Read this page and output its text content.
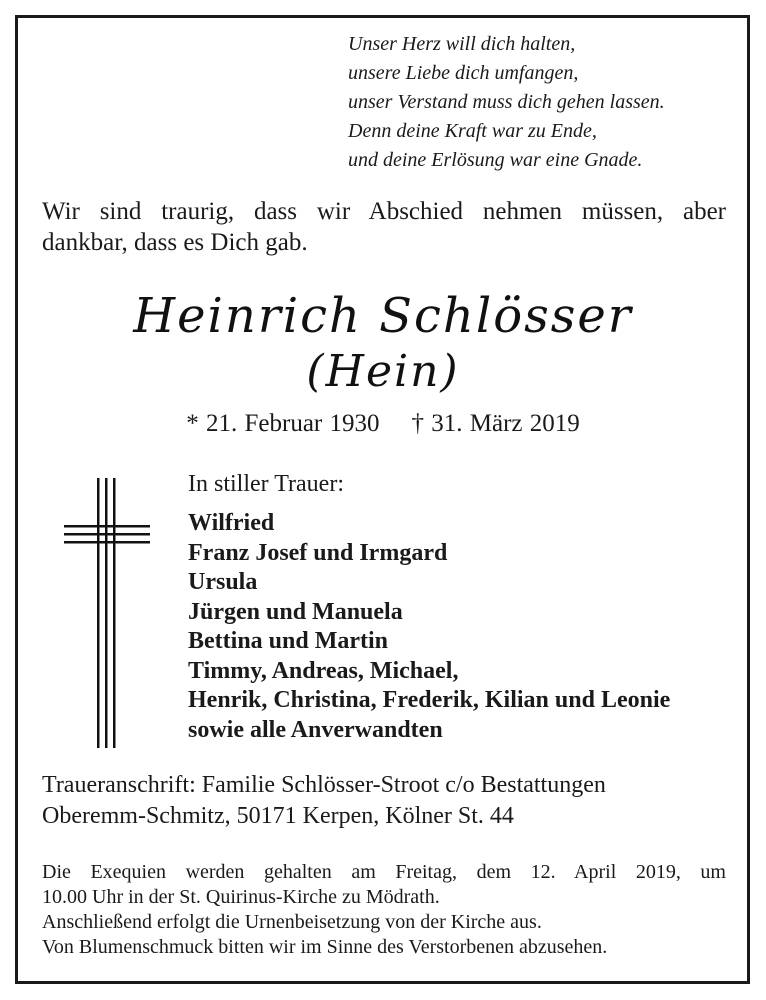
Unser Herz will dich halten,
unsere Liebe dich umfangen,
unser Verstand muss dich gehen lassen.
Denn deine Kraft war zu Ende,
und deine Erlösung war eine Gnade.
Wir sind traurig, dass wir Abschied nehmen müssen, aber
dankbar, dass es Dich gab.
Heinrich Schlösser
(Hein)
* 21. Februar 1930 † 31. März 2019
In stiller Trauer:
Wilfried
Franz Josef und Irmgard
Ursula
Jürgen und Manuela
Bettina und Martin
Timmy, Andreas, Michael,
Henrik, Christina, Frederik, Kilian und Leonie
sowie alle Anverwandten
Traueranschrift: Familie Schlösser-Stroot c/o Bestattungen
Oberemm-Schmitz, 50171 Kerpen, Kölner St. 44
Die Exequien werden gehalten am Freitag, dem 12. April 2019, um
10.00 Uhr in der St. Quirinus-Kirche zu Mödrath.
Anschließend erfolgt die Urnenbeisetzung von der Kirche aus.
Von Blumenschmuck bitten wir im Sinne des Verstorbenen abzusehen.
